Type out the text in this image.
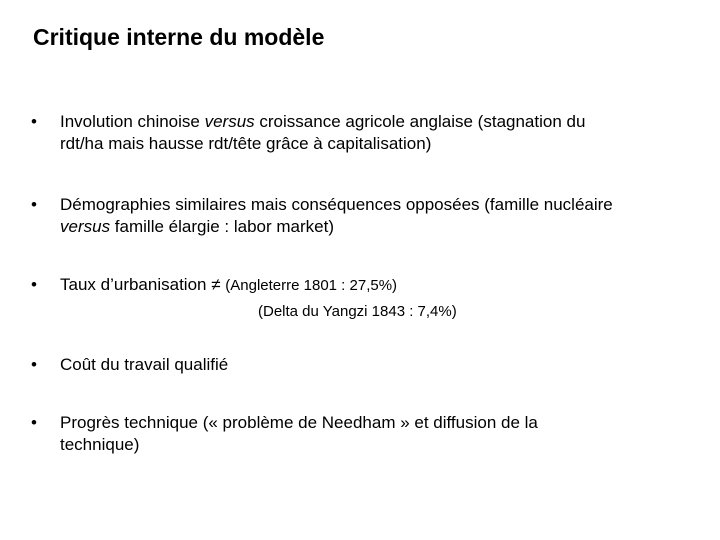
Critique interne du modèle
• Involution chinoise versus croissance agricole anglaise (stagnation du
rdt/ha mais hausse rdt/tête grâce à capitalisation)
• Démographies similaires mais conséquences opposées (famille nucléaire
versus famille élargie : labor market)
• Taux d’urbanisation ≠ (Angleterre 1801 : 27,5%)
(Delta du Yangzi 1843 : 7,4%)
• Coût du travail qualifié
• Progrès technique (« problème de Needham » et diffusion de la
technique)
